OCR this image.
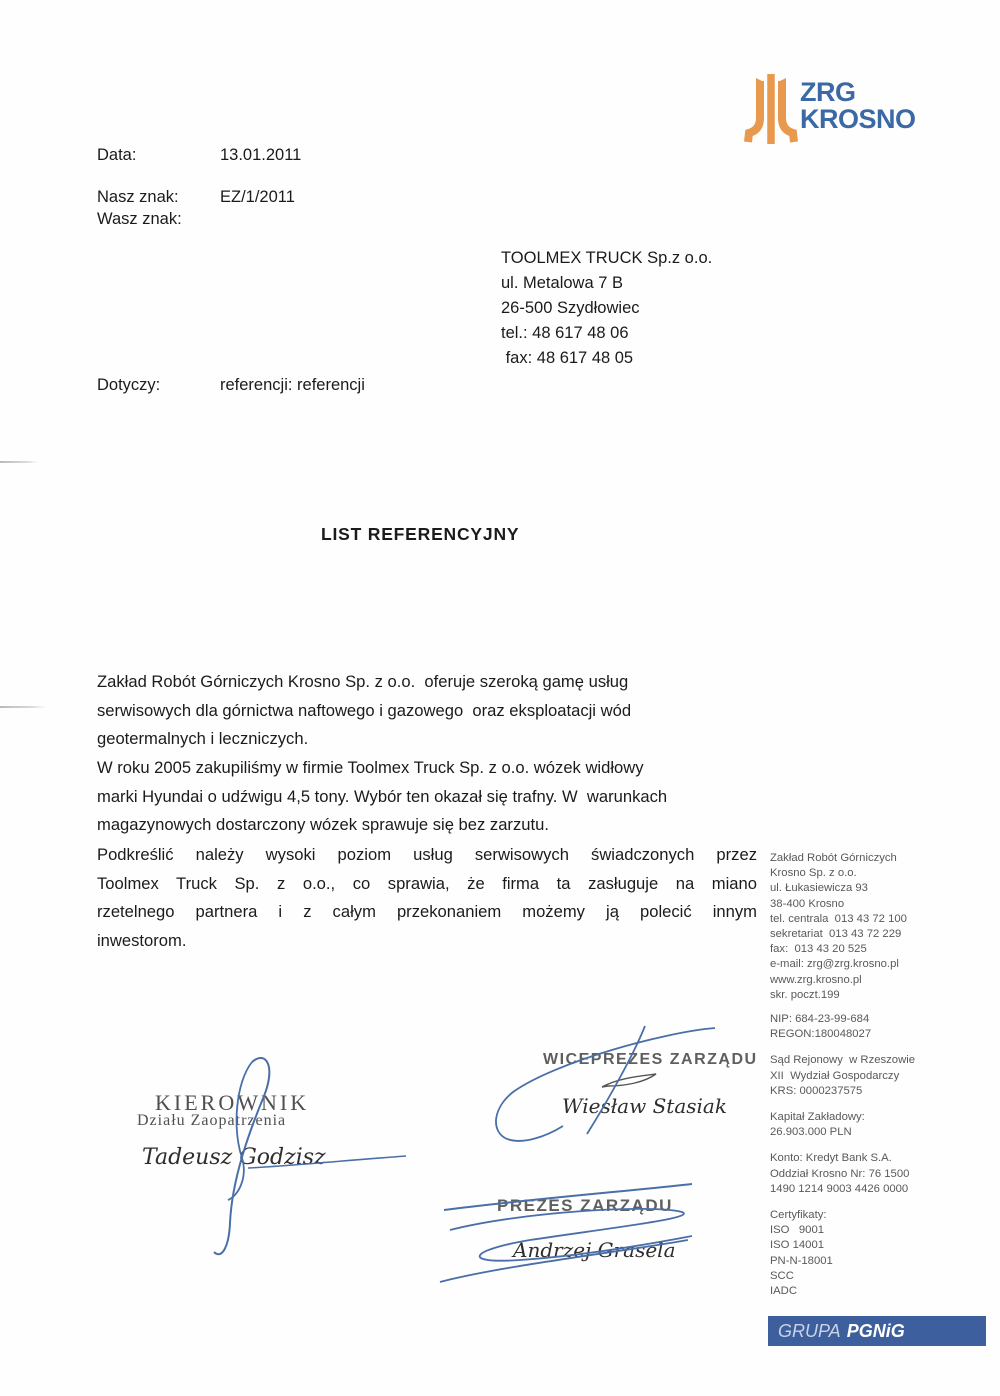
ZRG
KROSNO
Data:	13.01.2011
Nasz znak:	EZ/1/2011
Wasz znak:
TOOLMEX TRUCK Sp.z o.o.
ul. Metalowa 7 B
26-500 Szydłowiec
tel.: 48 617 48 06
fax: 48 617 48 05
Dotyczy:	referencji: referencji
LIST REFERENCYJNY
Zakład Robót Górniczych Krosno Sp. z o.o.  oferuje szeroką gamę usług
serwisowych dla górnictwa naftowego i gazowego  oraz eksploatacji wód
geotermalnych i leczniczych.
W roku 2005 zakupiliśmy w firmie Toolmex Truck Sp. z o.o. wózek widłowy
marki Hyundai o udźwigu 4,5 tony. Wybór ten okazał się trafny. W  warunkach
magazynowych dostarczony wózek sprawuje się bez zarzutu.
Podkreślić należy wysoki poziom usług serwisowych świadczonych przez
Toolmex Truck Sp. z o.o., co sprawia, że firma ta zasługuje na miano
rzetelnego partnera i z całym przekonaniem możemy ją polecić innym
inwestorom.
Zakład Robót Górniczych
Krosno Sp. z o.o.
ul. Łukasiewicza 93
38-400 Krosno
tel. centrala  013 43 72 100
sekretariat  013 43 72 229
fax:  013 43 20 525
e-mail: zrg@zrg.krosno.pl
www.zrg.krosno.pl
skr. poczt.199
NIP: 684-23-99-684
REGON:180048027
Sąd Rejonowy  w Rzeszowie
XII  Wydział Gospodarczy
KRS: 0000237575
Kapitał Zakładowy:
26.903.000 PLN
Konto: Kredyt Bank S.A.
Oddział Krosno Nr: 76 1500
1490 1214 9003 4426 0000
Certyfikaty:
ISO   9001
ISO 14001
PN-N-18001
SCC
IADC
KIEROWNIK
Działu Zaopatrzenia
Tadeusz Godzisz
WICEPREZES ZARZĄDU
Wiesław Stasiak
PREZES ZARZĄDU
Andrzej Grasela
GRUPA PGNiG
